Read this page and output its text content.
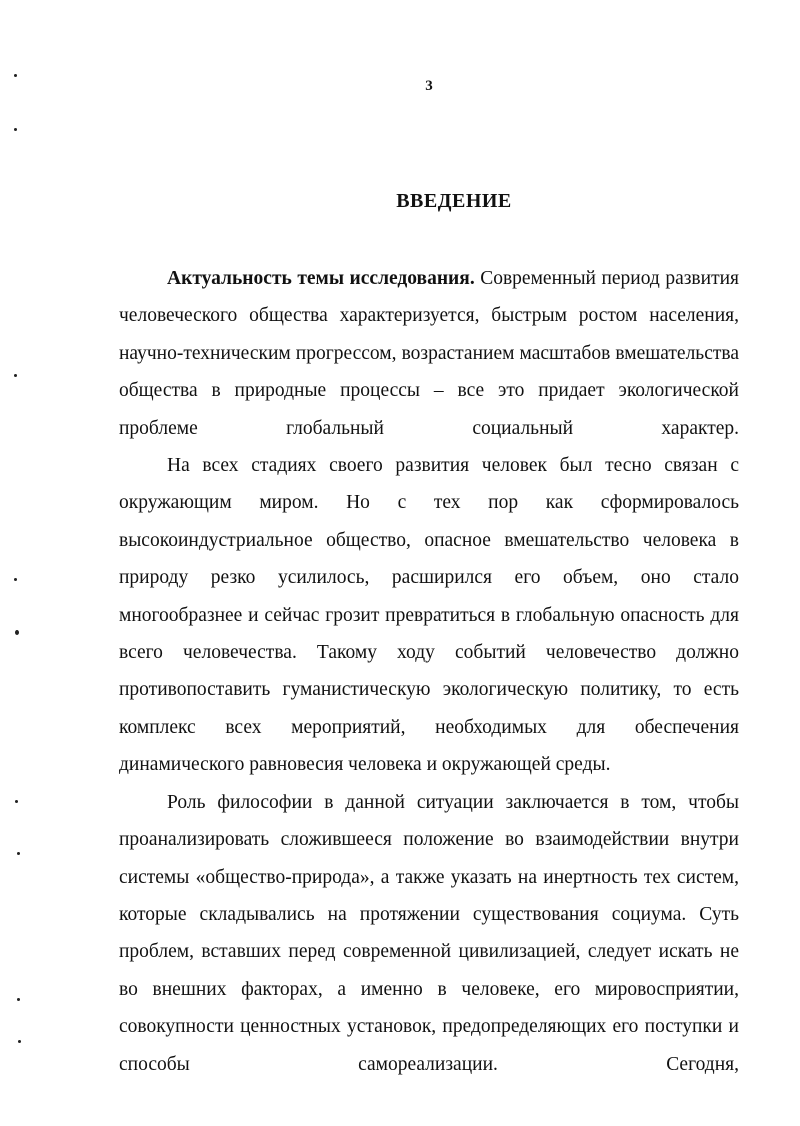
3
ВВЕДЕНИЕ

Актуальность темы исследования. Современный период развития человеческого общества характеризуется, быстрым ростом населения, научно-техническим прогрессом, возрастанием масштабов вмешательства общества в природные процессы – все это придает экологической проблеме глобальный социальный характер.

На всех стадиях своего развития человек был тесно связан с окружающим миром. Но с тех пор как сформировалось высокоиндустриальное общество, опасное вмешательство человека в природу резко усилилось, расширился его объем, оно стало многообразнее и сейчас грозит превратиться в глобальную опасность для всего человечества. Такому ходу событий человечество должно противопоставить гуманистическую экологическую политику, то есть комплекс всех мероприятий, необходимых для обеспечения динамического равновесия человека и окружающей среды.

Роль философии в данной ситуации заключается в том, чтобы проанализировать сложившееся положение во взаимодействии внутри системы «общество-природа», а также указать на инертность тех систем, которые складывались на протяжении существования социума. Суть проблем, вставших перед современной цивилизацией, следует искать не во внешних факторах, а именно в человеке, его мировосприятии, совокупности ценностных установок, предопределяющих его поступки и способы самореализации. Сегодня,
